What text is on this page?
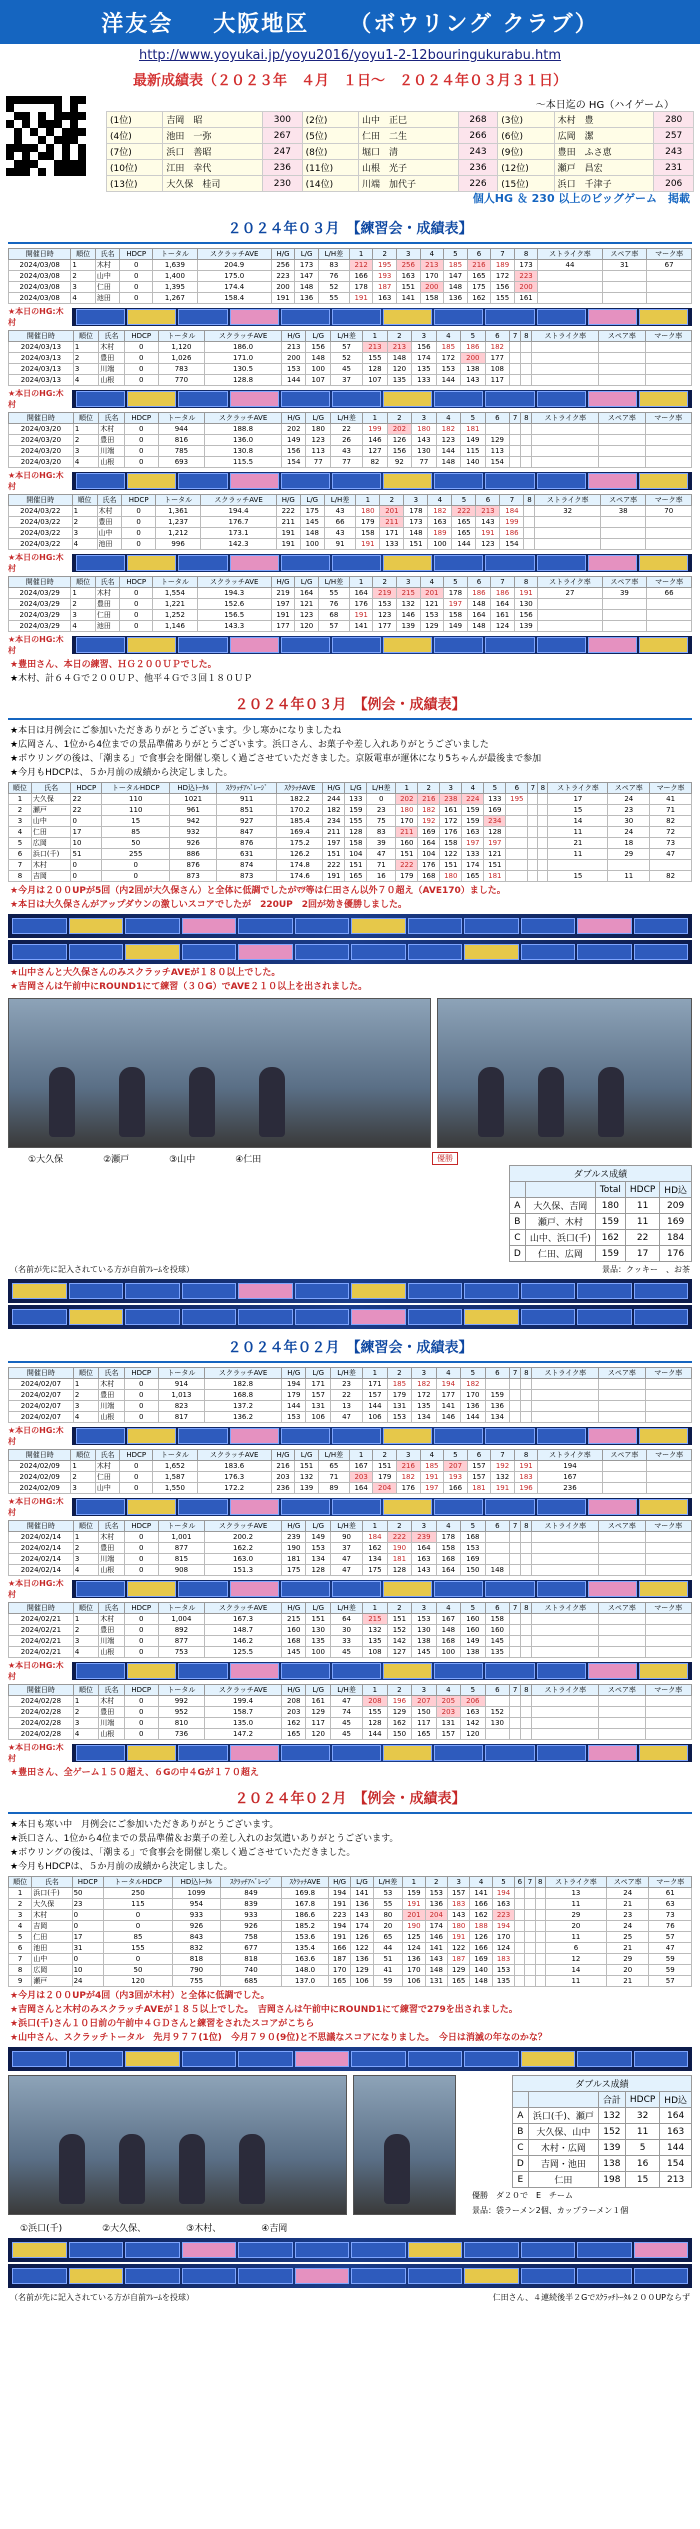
洋友会 大阪地区 （ボウリング クラブ）
http://www.yoyukai.jp/yoyu2016/yoyu1-2-12bouringukurabu.htm
最新成績表（２０２３年　４月　１日～　２０２４年０３月３１日）
～本日迄の HG（ハイゲーム）
(1位)	吉岡　昭	300	(2位)	山中　正巳	268	(3位)	木村　豊	280
(4位)	池田　一弥	267	(5位)	仁田　二生	266	(6位)	広岡　潔	257
(7位)	浜口　善昭	247	(8位)	堀口　清	243	(9位)	豊田　ふさ恵	243
(10位)	江田　幸代	236	(11位)	山根　光子	236	(12位)	瀬戸　昌宏	231
(13位)	大久保　桂司	230	(14位)	川端　加代子	226	(15位)	浜口　千津子	206
個人HG ＆ 230 以上のビッグゲーム　掲載
２０２４年０３月　【練習会・成績表】
開催日時	順位	氏名	HDCP	トータル	スクラッチAVE	H/G	L/G	L/H差	1	2	3	4	5	6	7	8	ストライク率	スペア率	マーク率
2024/03/08	1	木村	0	1,639	204.9	256	173	83	212	195	256	213	185	216	189	173	44	31	67
2024/03/08	2	山中	0	1,400	175.0	223	147	76	166	193	163	170	147	165	172	223			
2024/03/08	3	仁田	0	1,395	174.4	200	148	52	178	187	151	200	148	175	156	200			
2024/03/08	4	池田	0	1,267	158.4	191	136	55	191	163	141	158	136	162	155	161			
★本日のHG:木村
開催日時	順位	氏名	HDCP	トータル	スクラッチAVE	H/G	L/G	L/H差	1	2	3	4	5	6	7	8	ストライク率	スペア率	マーク率
2024/03/13	1	木村	0	1,120	186.0	213	156	57	213	213	156	185	186	182					
2024/03/13	2	豊田	0	1,026	171.0	200	148	52	155	148	174	172	200	177					
2024/03/13	3	川端	0	783	130.5	153	100	45	128	120	135	153	138	108					
2024/03/13	4	山根	0	770	128.8	144	107	37	107	135	133	144	143	117					
★本日のHG:木村
開催日時	順位	氏名	HDCP	トータル	スクラッチAVE	H/G	L/G	L/H差	1	2	3	4	5	6	7	8	ストライク率	スペア率	マーク率
2024/03/20	1	木村	0	944	188.8	202	180	22	199	202	180	182	181						
2024/03/20	2	豊田	0	816	136.0	149	123	26	146	126	143	123	149	129					
2024/03/20	3	川端	0	785	130.8	156	113	43	127	156	130	144	115	113					
2024/03/20	4	山根	0	693	115.5	154	77	77	82	92	77	148	140	154					
★本日のHG:木村
開催日時	順位	氏名	HDCP	トータル	スクラッチAVE	H/G	L/G	L/H差	1	2	3	4	5	6	7	8	ストライク率	スペア率	マーク率
2024/03/22	1	木村	0	1,361	194.4	222	175	43	180	201	178	182	222	213	184		32	38	70
2024/03/22	2	豊田	0	1,237	176.7	211	145	66	179	211	173	163	165	143	199				
2024/03/22	3	山中	0	1,212	173.1	191	148	43	158	171	148	189	165	191	186				
2024/03/22	4	池田	0	996	142.3	191	100	91	191	133	151	100	144	123	154				
★本日のHG:木村
開催日時	順位	氏名	HDCP	トータル	スクラッチAVE	H/G	L/G	L/H差	1	2	3	4	5	6	7	8	ストライク率	スペア率	マーク率
2024/03/29	1	木村	0	1,554	194.3	219	164	55	164	219	215	201	178	186	186	191	27	39	66
2024/03/29	2	豊田	0	1,221	152.6	197	121	76	176	153	132	121	197	148	164	130			
2024/03/29	3	仁田	0	1,252	156.5	191	123	68	191	123	146	153	158	164	161	156			
2024/03/29	4	池田	0	1,146	143.3	177	120	57	141	177	139	129	149	148	124	139			
★本日のHG:木村
★豊田さん、本日の練習、ＨＧ２００ＵＰでした。
★木村、計６４Ｇで２００ＵＰ、他平４Ｇで３回１８０ＵＰ
２０２４年０３月　【例会・成績表】
★本日は月例会にご参加いただきありがとうございます。少し寒かになりましたね
★広岡さん、1位から4位までの景品準備ありがとうございます。浜口さん、お菓子や差し入れありがとうございました
★ボウリングの後は、「潮まる」で食事会を開催し楽しく過ごさせていただきました。京阪電車が運休になり5ちゃんが最後まで参加
★今月もHDCPは、５か月前の成績から決定しました。
順位	氏名	HDCP	トータルHDCP	HD込ﾄｰﾀﾙ	ｽｸﾗｯﾁｱﾍﾞﾚｰｼﾞ	ｽｸﾗｯﾁAVE	H/G	L/G	L/H差	1	2	3	4	5	6	7	8	ストライク率	スペア率	マーク率
1	大久保	22	110	1021	911	182.2	244	133	0	202	216	238	224	133	195			17	24	41
2	瀬戸	22	110	961	851	170.2	182	159	23	180	182	161	159	169				15	23	71
3	山中	0	15	942	927	185.4	234	155	75	170	192	172	159	234				14	30	82
4	仁田	17	85	932	847	169.4	211	128	83	211	169	176	163	128				11	24	72
5	広岡	10	50	926	876	175.2	197	158	39	160	164	158	197	197				21	18	73
6	浜口(千)	51	255	886	631	126.2	151	104	47	151	104	122	133	121				11	29	47
7	木村	0	0	876	874	174.8	222	151	71	222	176	151	174	151						
8	吉岡	0	0	873	873	174.6	191	165	16	179	168	180	165	181				15	11	82
★今月は２００UPが5回（内2回が大久保さん）と全体に低調でしたがﾏﾂ等は仁田さん以外７０超え（AVE170）ました。
★本日は大久保さんがアップダウンの激しいスコアでしたが　220UP　2回が効き優勝しました。
★山中さんと大久保さんのみスクラッチAVEが１８０以上でした。
★吉岡さんは午前中にROUND1にて練習（３０G）でAVE２１０以上を出されました。
①大久保	②瀬戸	③山中	④仁田	優勝
ダブルス成績				
		Total	HDCP	HD込
A	大久保、吉岡	180	11	209
B	瀬戸、木村	159	11	169
C	山中、浜口(千)	162	22	184
D	仁田、広岡	159	17	176
（名前が先に記入されている方が自前ﾌﾚｰﾑを投球）	景品：クッキー　、お茶
２０２４年０２月　【練習会・成績表】
開催日時	順位	氏名	HDCP	トータル	スクラッチAVE	H/G	L/G	L/H差	1	2	3	4	5	6	7	8	ストライク率	スペア率	マーク率
2024/02/07	1	木村	0	914	182.8	194	171	23	171	185	182	194	182						
2024/02/07	2	豊田	0	1,013	168.8	179	157	22	157	179	172	177	170	159					
2024/02/07	3	川端	0	823	137.2	144	131	13	144	131	135	141	136	136					
2024/02/07	4	山根	0	817	136.2	153	106	47	106	153	134	146	144	134					
★本日のHG:木村
開催日時	順位	氏名	HDCP	トータル	スクラッチAVE	H/G	L/G	L/H差	1	2	3	4	5	6	7	8	ストライク率	スペア率	マーク率
2024/02/09	1	木村	0	1,652	183.6	216	151	65	167	151	216	185	207	157	192	191	194		
2024/02/09	2	仁田	0	1,587	176.3	203	132	71	203	179	182	191	193	157	132	183	167		
2024/02/09	3	山中	0	1,550	172.2	236	139	89	164	204	176	197	166	181	191	196	236		
★本日のHG:木村
開催日時	順位	氏名	HDCP	トータル	スクラッチAVE	H/G	L/G	L/H差	1	2	3	4	5	6	7	8	ストライク率	スペア率	マーク率
2024/02/14	1	木村	0	1,001	200.2	239	149	90	184	222	239	178	168						
2024/02/14	2	豊田	0	877	162.2	190	153	37	162	190	164	158	153						
2024/02/14	3	川端	0	815	163.0	181	134	47	134	181	163	168	169						
2024/02/14	4	山根	0	908	151.3	175	128	47	175	128	143	164	150	148					
★本日のHG:木村
開催日時	順位	氏名	HDCP	トータル	スクラッチAVE	H/G	L/G	L/H差	1	2	3	4	5	6	7	8	ストライク率	スペア率	マーク率
2024/02/21	1	木村	0	1,004	167.3	215	151	64	215	151	153	167	160	158					
2024/02/21	2	豊田	0	892	148.7	160	130	30	132	152	130	148	160	160					
2024/02/21	3	川端	0	877	146.2	168	135	33	135	142	138	168	149	145					
2024/02/21	4	山根	0	753	125.5	145	100	45	108	127	145	100	138	135					
★本日のHG:木村
開催日時	順位	氏名	HDCP	トータル	スクラッチAVE	H/G	L/G	L/H差	1	2	3	4	5	6	7	8	ストライク率	スペア率	マーク率
2024/02/28	1	木村	0	992	199.4	208	161	47	208	196	207	205	206						
2024/02/28	2	豊田	0	952	158.7	203	129	74	155	129	150	203	163	152					
2024/02/28	3	川端	0	810	135.0	162	117	45	128	162	117	131	142	130					
2024/02/28	4	山根	0	736	147.2	165	120	45	144	150	165	157	120						
★本日のHG:木村
★豊田さん、全ゲーム１５０超え、６Gの中４Gが１７０超え
２０２４年０２月　【例会・成績表】
★本日も寒い中　月例会にご参加いただきありがとうございます。
★浜口さん、1位から4位までの景品準備＆お菓子の差し入れのお気遣いありがとうございます。
★ボウリングの後は、「潮まる」で食事会を開催し楽しく過ごさせていただきました。
★今月もHDCPは、５か月前の成績から決定しました。
順位	氏名	HDCP	トータルHDCP	HD込ﾄｰﾀﾙ	ｽｸﾗｯﾁｱﾍﾞﾚｰｼﾞ	ｽｸﾗｯﾁAVE	H/G	L/G	L/H差	1	2	3	4	5	6	7	8	ストライク率	スペア率	マーク率
1	浜口(千)	50	250	1099	849	169.8	194	141	53	159	153	157	141	194				13	24	61
2	大久保	23	115	954	839	167.8	191	136	55	191	136	183	166	163				11	21	63
3	木村	0	0	933	933	186.6	223	143	80	201	204	143	162	223				29	23	73
4	吉岡	0	0	926	926	185.2	194	174	20	190	174	180	188	194				20	24	76
5	仁田	17	85	843	758	153.6	191	126	65	125	146	191	126	170				11	25	57
6	池田	31	155	832	677	135.4	166	122	44	124	141	122	166	124				6	21	47
7	山中	0	0	818	818	163.6	187	136	51	136	143	187	169	183				12	29	59
8	広岡	10	50	790	740	148.0	170	129	41	170	148	129	140	153				14	20	59
9	瀬戸	24	120	755	685	137.0	165	106	59	106	131	165	148	135				11	21	57
★今月は２００UPが4回（内3回が木村）と全体に低調でした。
★吉岡さんと木村のみスクラッチAVEが１８５以上でした。　吉岡さんは午前中にROUND1にて練習で279を出されました。
★浜口(千)さん１０日前の午前中４ＧＤさんと練習をされたスコアがこちら
★山中さん、スクラッチトータル　先月９７７(1位)　今月７９０(9位)と不思議なスコアになりました。　今日は消滅の年なのかな？
ダブルス成績				
		合計	HDCP	HD込
A	浜口(千)、瀬戸	132	32	164
B	大久保、山中	152	11	163
C	木村・広岡	139	5	144
D	吉岡・池田	138	16	154
E	仁田	198	15	213
優勝　ダ２０で　E　チーム
景品：袋ラーメン2個、カップラーメン１個
①浜口(千)	②大久保、	③木村、	④吉岡
（名前が先に記入されている方が自前ﾌﾚｰﾑを投球）	仁田さん、４連続後半２Gでｽｸﾗｯﾁﾄｰﾀﾙ２００UPならず
